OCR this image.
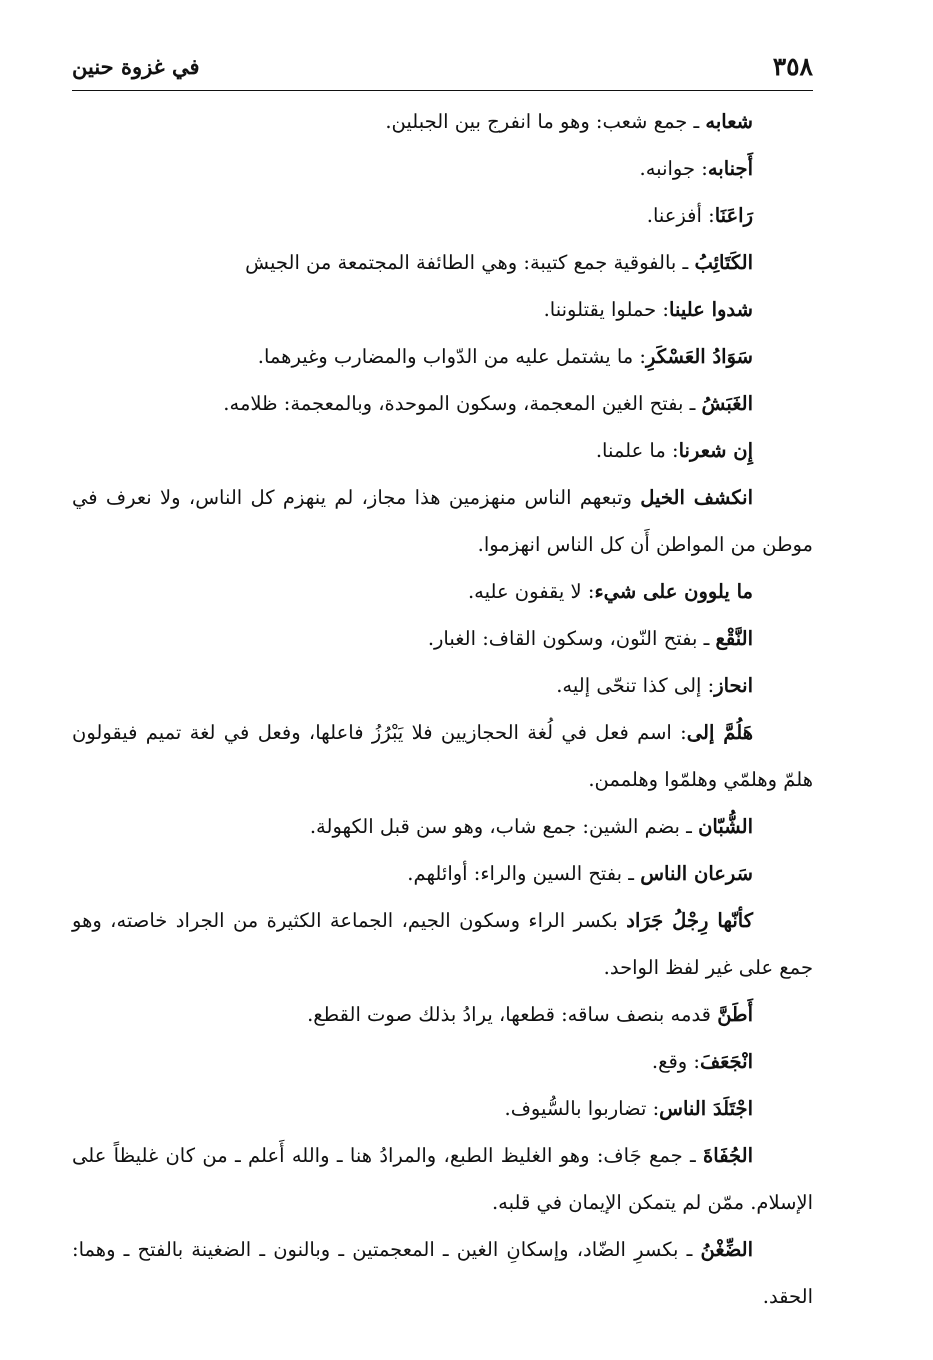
٣٥٨
في غزوة حنين

شعابه ـ جمع شعب: وهو ما انفرج بين الجبلين.

أَجنابه: جوانبه.

رَاعَنَا: أفزعنا.

الكَتَائِبُ ـ بالفوقية جمع كتيبة: وهي الطائفة المجتمعة من الجيش

شدوا علينا: حملوا يقتلوننا.

سَوَادُ العَسْكَرِ: ما يشتمل عليه من الدّواب والمضارب وغيرهما.

الغَبَشُ ـ بفتح الغين المعجمة، وسكون الموحدة، وبالمعجمة: ظلامه.

إِن شعرنا: ما علمنا.

انكشف الخيل وتبعهم الناس منهزمين هذا مجاز، لم ينهزم كل الناس، ولا نعرف في موطن من المواطن أَن كل الناس انهزموا.

ما يلوون على شيء: لا يقفون عليه.

النَّقْع ـ بفتح النّون، وسكون القاف: الغبار.

انحاز: إلى كذا تنحّى إليه.

هَلُمَّ إلى: اسم فعل في لُغة الحجازيين فلا يَبْرُزُ فاعلها، وفعل في لغة تميم فيقولون هلمّ وهلمّي وهلمّوا وهلممن.

الشُّبّان ـ بضم الشين: جمع شاب، وهو سن قبل الكهولة.

سَرعان الناس ـ بفتح السين والراء: أوائلهم.

كأنّها رِجْلُ جَرَاد بكسر الراء وسكون الجيم، الجماعة الكثيرة من الجراد خاصته، وهو جمع على غير لفظ الواحد.

أَطَنَّ قدمه بنصف ساقه: قطعها، يرادُ بذلك صوت القطع.

انْجَعَفَ: وقع.

اجْتَلَدَ الناس: تضاربوا بالسُّيوف.

الجُفَاةَ ـ جمع جَاف: وهو الغليظ الطبع، والمرادُ هنا ـ والله أَعلم ـ من كان غليظاً على الإسلام. ممّن لم يتمكن الإيمان في قلبه.

الضِّغْنُ ـ بكسرِ الضّاد، وإسكانِ الغين ـ المعجمتين ـ وبالنون ـ الضغينة بالفتح ـ وهما: الحقد.
